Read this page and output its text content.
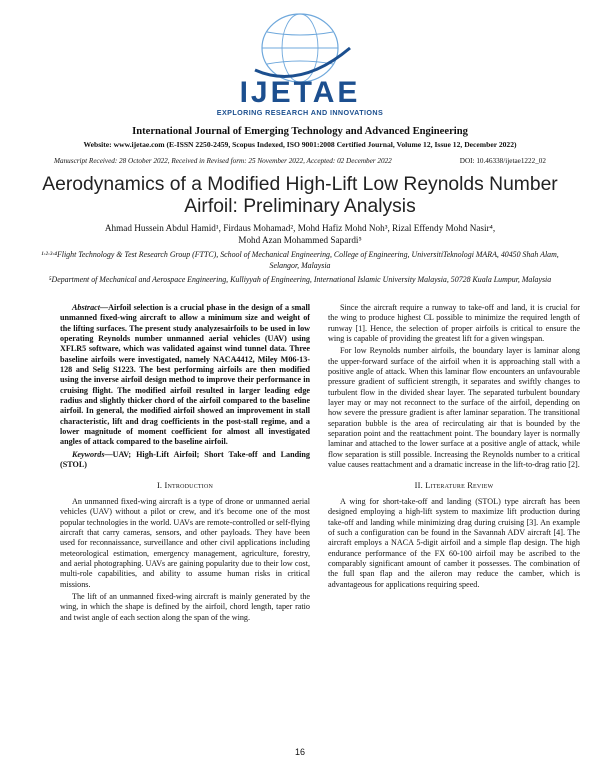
IJETAE
EXPLORING RESEARCH AND INNOVATIONS
International Journal of Emerging Technology and Advanced Engineering
Website: www.ijetae.com (E-ISSN 2250-2459, Scopus Indexed, ISO 9001:2008 Certified Journal, Volume 12, Issue 12, December 2022)
Manuscript Received: 28 October 2022, Received in Revised form: 25 November 2022, Accepted: 02 December 2022	DOI: 10.46338/ijetae1222_02
Aerodynamics of a Modified High-Lift Low Reynolds Number Airfoil: Preliminary Analysis
Ahmad Hussein Abdul Hamid¹, Firdaus Mohamad², Mohd Hafiz Mohd Noh³, Rizal Effendy Mohd Nasir⁴,
Mohd Azan Mohammed Sapardi⁵
¹·²·³·⁴Flight Technology & Test Research Group (FTTC), School of Mechanical Engineering, College of Engineering, UniversitiTeknologi MARA, 40450 Shah Alam, Selangor, Malaysia
⁵Department of Mechanical and Aerospace Engineering, Kulliyyah of Engineering, International Islamic University Malaysia, 50728 Kuala Lumpur, Malaysia

Abstract—Airfoil selection is a crucial phase in the design of a small unmanned fixed-wing aircraft to allow a minimum size and weight of the lifting surfaces. The present study analyzesairfoils to be used in low operating Reynolds number unmanned aerial vehicles (UAV) using XFLR5 software, which was validated against wind tunnel data. Three baseline airfoils were investigated, namely NACA4412, Miley M06-13-128 and Selig S1223. The best performing airfoils are then modified using the inverse airfoil design method to improve their performance in cruising flight. The modified airfoil resulted in larger leading edge radius and slightly thicker chord of the airfoil compared to the baseline airfoil. In general, the modified airfoil showed an improvement in stall characteristic, lift and drag coefficients in the post-stall regime, and a lower magnitude of moment coefficient for almost all investigated angles of attack compared to the baseline airfoil.

Keywords—UAV; High-Lift Airfoil; Short Take-off and Landing (STOL)

I. Introduction

An unmanned fixed-wing aircraft is a type of drone or unmanned aerial vehicles (UAV) without a pilot or crew, and it's become one of the most popular technologies in the world. UAVs are remote-controlled or self-flying aircraft that carry cameras, sensors, and other payloads. They have been used for reconnaissance, surveillance and other civil applications including meteorological estimation, emergency management, agriculture, forestry, and aerial photographing. UAVs are gaining popularity due to their low cost, multi-role capabilities, and ability to assume human risks in critical missions.

The lift of an unmanned fixed-wing aircraft is mainly generated by the wing, in which the shape is defined by the airfoil, chord length, taper ratio and twist angle of each section along the span of the wing.

Since the aircraft require a runway to take-off and land, it is crucial for the wing to produce highest CL possible to minimize the required length of runway [1]. Hence, the selection of proper airfoils is critical to ensure the wing is capable of providing the greatest lift for a given wingspan.

For low Reynolds number airfoils, the boundary layer is laminar along the upper-forward surface of the airfoil when it is approaching stall with a positive angle of attack. When this laminar flow encounters an unfavourable pressure gradient of sufficient strength, it separates and swiftly changes to turbulent flow in the divided shear layer. The separated turbulent boundary layer may or may not reconnect to the surface of the airfoil, depending on how severe the pressure gradient is after laminar separation. The transitional separation bubble is the area of recirculating air that is bounded by the separation point and the reattachment point. The boundary layer is normally laminar and attached to the lower surface at a positive angle of attack, while flow separation is still possible. Increasing the Reynolds number to a critical value causes reattachment and a dramatic increase in the lift-to-drag ratio [2].

II. Literature Review

A wing for short-take-off and landing (STOL) type aircraft has been designed employing a high-lift system to maximize lift production during take-off and landing while minimizing drag during cruising [3]. An example of such a configuration can be found in the Savannah ADV aircraft [4]. The aircraft employs a NACA 5-digit airfoil and a simple flap design. The high endurance performance of the FX 60-100 airfoil may be ascribed to the comparably significant amount of camber it possesses. The combination of the full span flap and the aileron may reduce the camber, which is advantageous for applications requiring speed.

16
